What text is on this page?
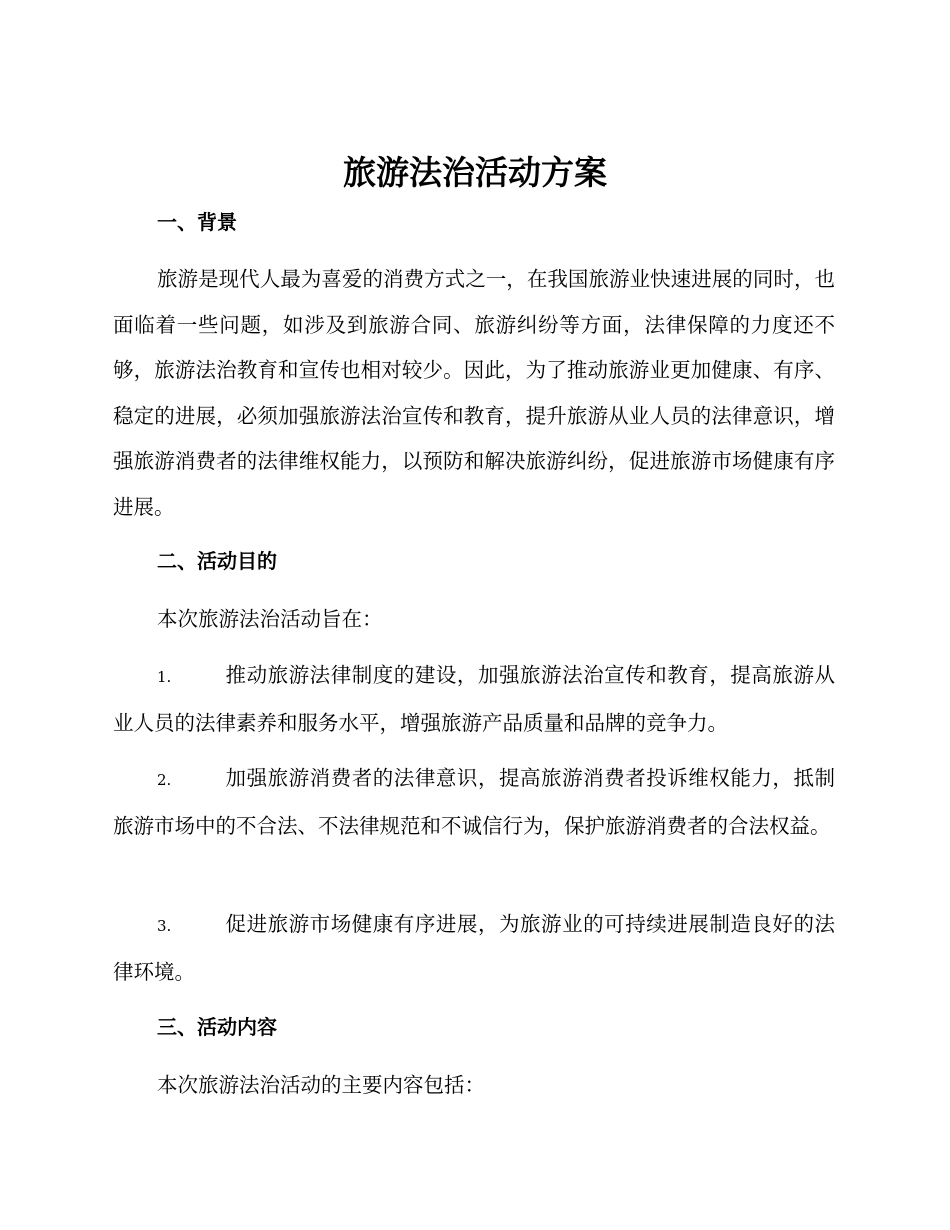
旅游法治活动方案
一、背景

旅游是现代人最为喜爱的消费方式之一，在我国旅游业快速进展的同时，也面临着一些问题，如涉及到旅游合同、旅游纠纷等方面，法律保障的力度还不够，旅游法治教育和宣传也相对较少。因此，为了推动旅游业更加健康、有序、稳定的进展，必须加强旅游法治宣传和教育，提升旅游从业人员的法律意识，增强旅游消费者的法律维权能力，以预防和解决旅游纠纷，促进旅游市场健康有序进展。

二、活动目的

本次旅游法治活动旨在：

1.	推动旅游法律制度的建设，加强旅游法治宣传和教育，提高旅游从业人员的法律素养和服务水平，增强旅游产品质量和品牌的竞争力。

2.	加强旅游消费者的法律意识，提高旅游消费者投诉维权能力，抵制旅游市场中的不合法、不法律规范和不诚信行为，保护旅游消费者的合法权益。

3.	促进旅游市场健康有序进展，为旅游业的可持续进展制造良好的法律环境。

三、活动内容

本次旅游法治活动的主要内容包括：
